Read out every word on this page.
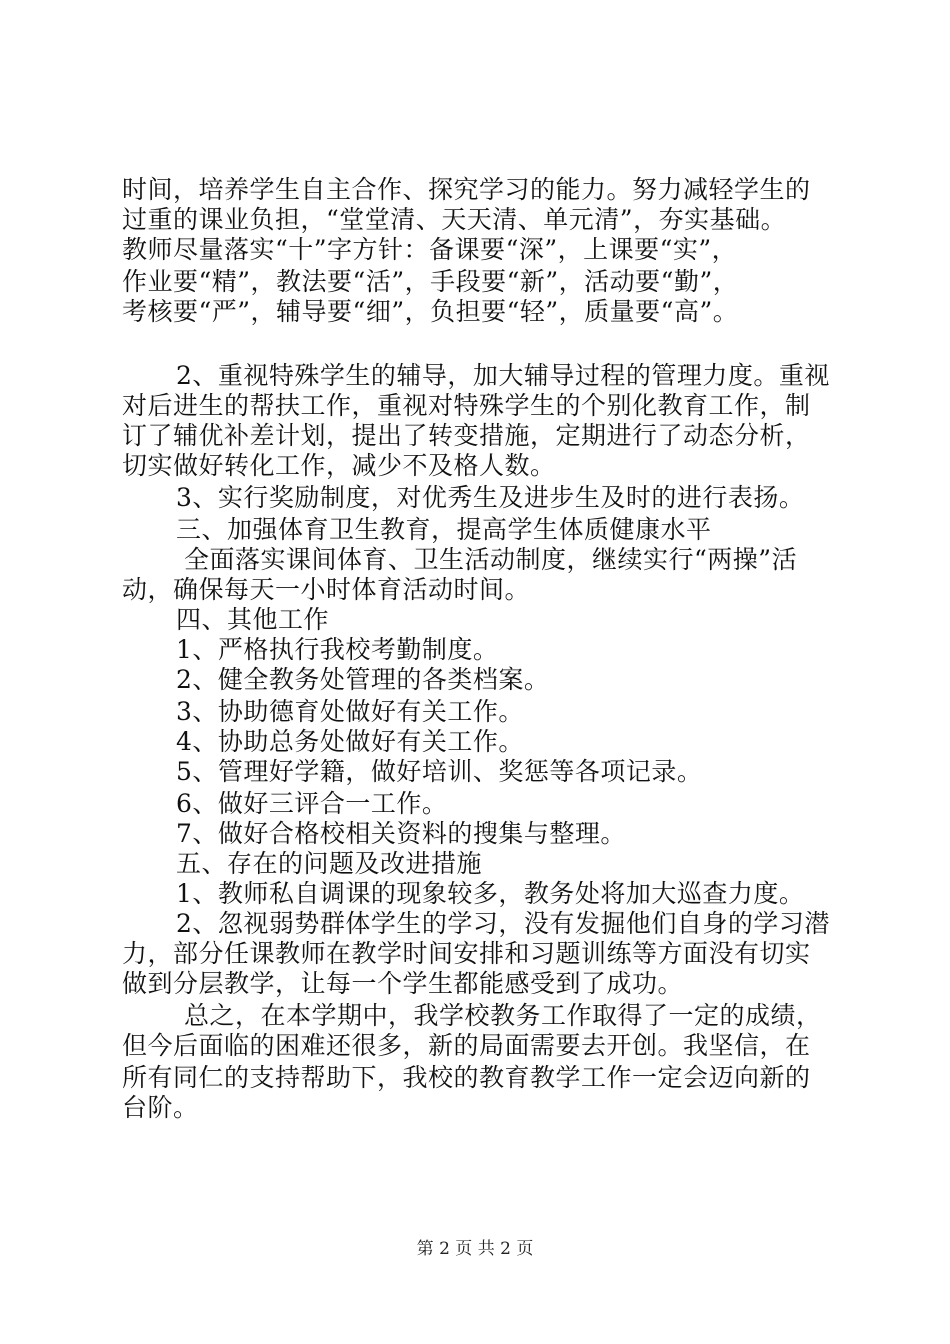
时间，培养学生自主合作、探究学习的能力。努力减轻学生的
过重的课业负担，“堂堂清、天天清、单元清”，夯实基础。
教师尽量落实“十”字方针：备课要“深”，上课要“实”，
作业要“精”，教法要“活”，手段要“新”，活动要“勤”，
考核要“严”，辅导要“细”，负担要“轻”，质量要“高”。
2、重视特殊学生的辅导，加大辅导过程的管理力度。重视
对后进生的帮扶工作，重视对特殊学生的个别化教育工作，制
订了辅优补差计划，提出了转变措施，定期进行了动态分析，
切实做好转化工作，减少不及格人数。
3、实行奖励制度，对优秀生及进步生及时的进行表扬。
三、加强体育卫生教育，提高学生体质健康水平
全面落实课间体育、卫生活动制度，继续实行“两操”活
动，确保每天一小时体育活动时间。
四、其他工作
1、严格执行我校考勤制度。
2、健全教务处管理的各类档案。
3、协助德育处做好有关工作。
4、协助总务处做好有关工作。
5、管理好学籍，做好培训、奖惩等各项记录。
6、做好三评合一工作。
7、做好合格校相关资料的搜集与整理。
五、存在的问题及改进措施
1、教师私自调课的现象较多，教务处将加大巡查力度。
2、忽视弱势群体学生的学习，没有发掘他们自身的学习潜
力，部分任课教师在教学时间安排和习题训练等方面没有切实
做到分层教学，让每一个学生都能感受到了成功。
总之，在本学期中，我学校教务工作取得了一定的成绩，
但今后面临的困难还很多，新的局面需要去开创。我坚信，在
所有同仁的支持帮助下，我校的教育教学工作一定会迈向新的
台阶。
第 2 页 共 2 页
